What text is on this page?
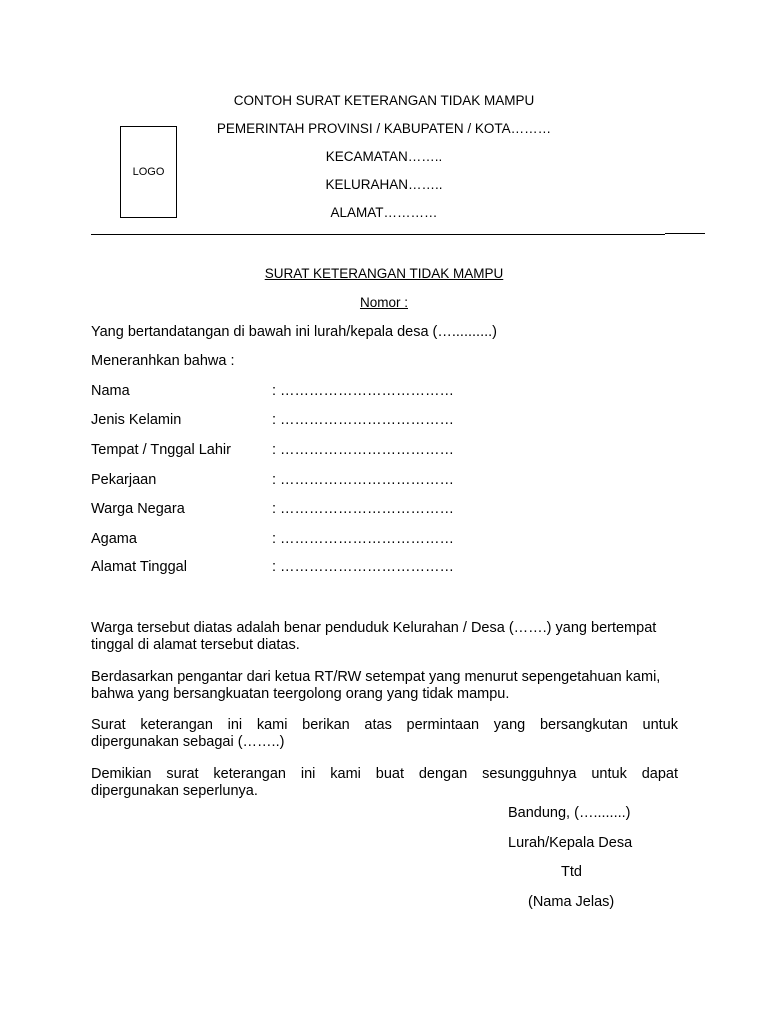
CONTOH SURAT KETERANGAN TIDAK MAMPU
PEMERINTAH PROVINSI / KABUPATEN / KOTA………
KECAMATAN……..
KELURAHAN……..
ALAMAT…………
LOGO
SURAT KETERANGAN TIDAK MAMPU
Nomor :
Yang bertandatangan di bawah ini lurah/kepala desa (…..........)
Meneranhkan bahwa :
Nama	: ………………………………
Jenis Kelamin	: ………………………………
Tempat / Tnggal Lahir	: ………………………………
Pekarjaan	: ………………………………
Warga Negara	: ………………………………
Agama	: ………………………………
Alamat Tinggal	: ………………………………
Warga tersebut diatas adalah benar penduduk Kelurahan / Desa (…….) yang bertempat
tinggal di alamat tersebut diatas.
Berdasarkan pengantar dari ketua RT/RW setempat yang menurut sepengetahuan kami,
bahwa yang bersangkuatan teergolong orang yang tidak mampu.
Surat keterangan ini kami berikan atas permintaan yang bersangkutan untuk
dipergunakan sebagai (……..)
Demikian surat keterangan ini kami buat dengan sesungguhnya untuk dapat
dipergunakan seperlunya.
Bandung, (…........)
Lurah/Kepala Desa
Ttd
(Nama Jelas)
